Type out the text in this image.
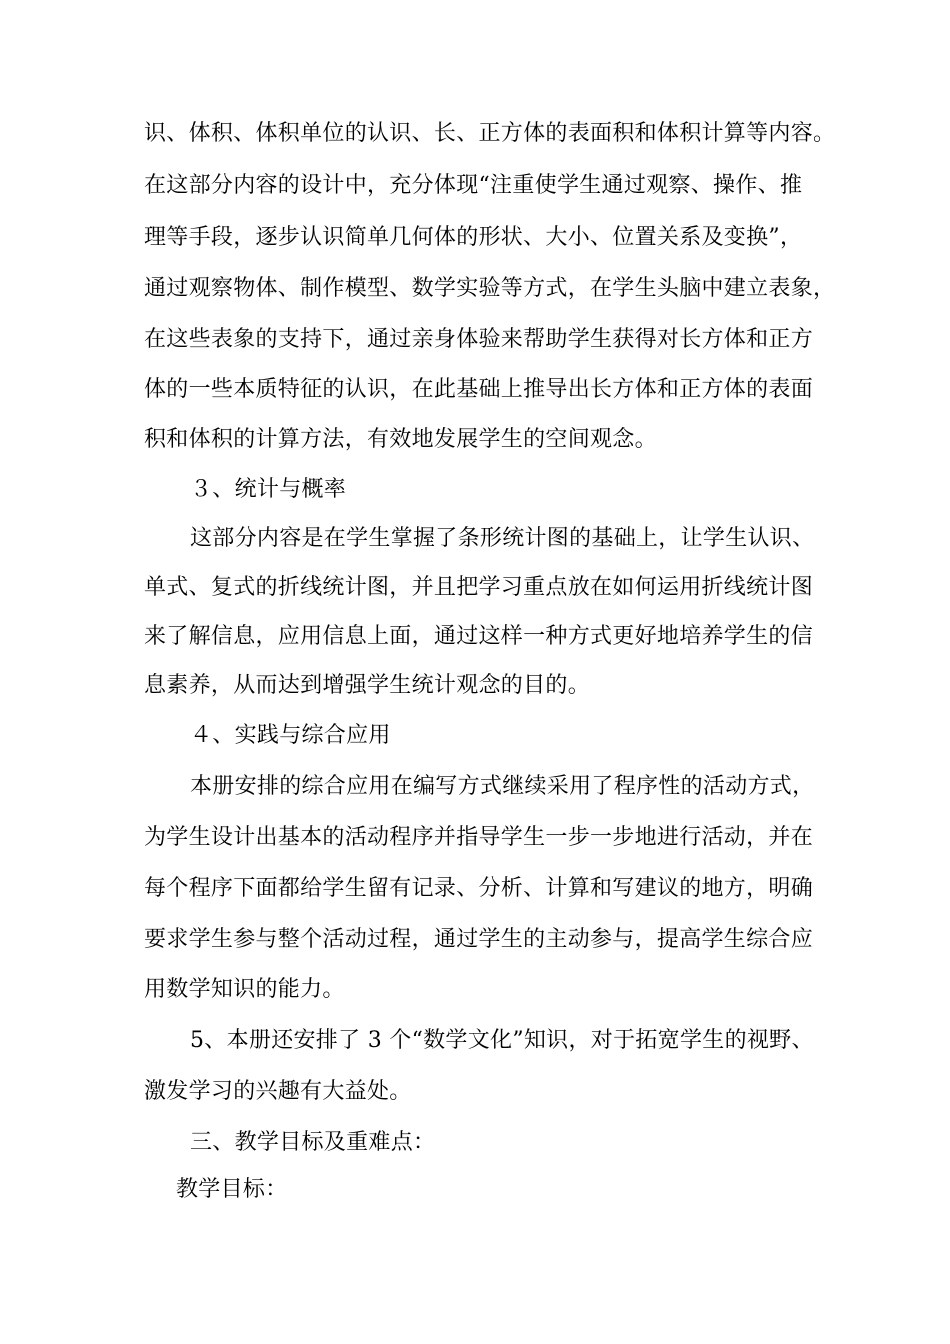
识、体积、体积单位的认识、长、正方体的表面积和体积计算等内容。
在这部分内容的设计中，充分体现“注重使学生通过观察、操作、推
理等手段，逐步认识简单几何体的形状、大小、位置关系及变换”，
通过观察物体、制作模型、数学实验等方式，在学生头脑中建立表象，
在这些表象的支持下，通过亲身体验来帮助学生获得对长方体和正方
体的一些本质特征的认识，在此基础上推导出长方体和正方体的表面
积和体积的计算方法，有效地发展学生的空间观念。
３、统计与概率
这部分内容是在学生掌握了条形统计图的基础上，让学生认识、
单式、复式的折线统计图，并且把学习重点放在如何运用折线统计图
来了解信息，应用信息上面，通过这样一种方式更好地培养学生的信
息素养，从而达到增强学生统计观念的目的。
４、实践与综合应用
本册安排的综合应用在编写方式继续采用了程序性的活动方式，
为学生设计出基本的活动程序并指导学生一步一步地进行活动，并在
每个程序下面都给学生留有记录、分析、计算和写建议的地方，明确
要求学生参与整个活动过程，通过学生的主动参与，提高学生综合应
用数学知识的能力。
5、本册还安排了 3 个“数学文化”知识，对于拓宽学生的视野、
激发学习的兴趣有大益处。
三、教学目标及重难点：
教学目标：
